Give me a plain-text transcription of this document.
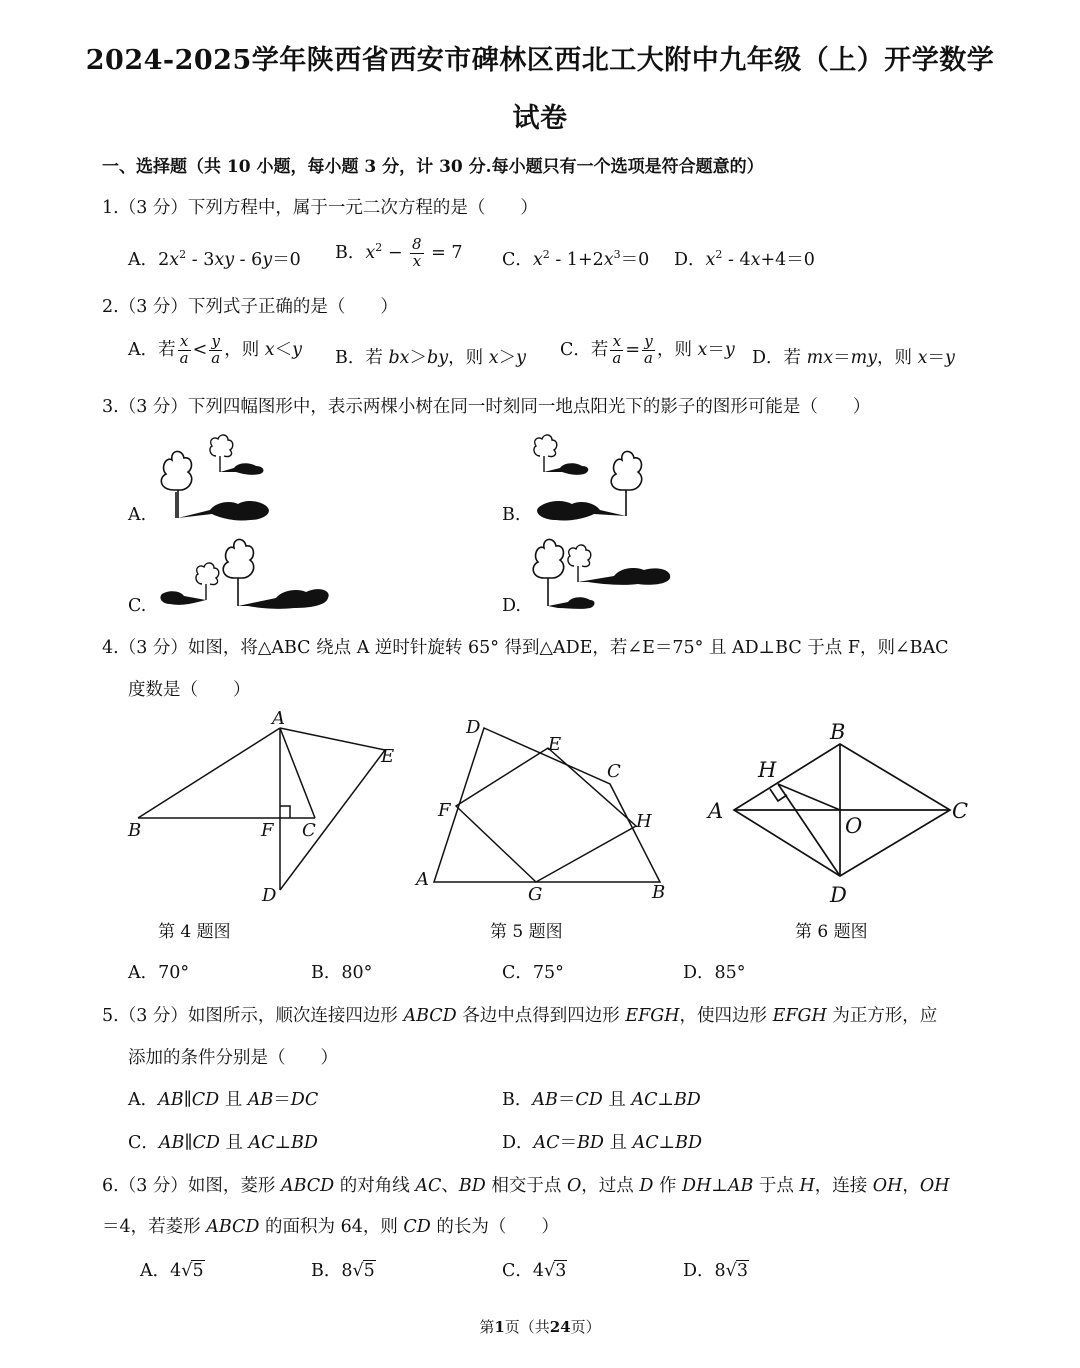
2024-2025学年陕西省西安市碑林区西北工大附中九年级（上）开学数学
试卷
一、选择题（共 10 小题，每小题 3 分，计 30 分.每小题只有一个选项是符合题意的）
1.（3 分）下列方程中，属于一元二次方程的是（　　）
A．$2x^2 - 3xy - 6y=0$ B．$x^2 - \frac{8}{x} = 7$ C．$x^2 - 1+2x^3=0$ D．$x^2 - 4x+4=0$
2.（3 分）下列式子正确的是（　　）
A．若 $\frac{x}{a} < \frac{y}{a}$ ，则 x＜y B．若 bx＞by，则 x＞y C．若 $\frac{x}{a} = \frac{y}{a}$ ，则 x＝y D．若 mx＝my，则 x＝y
3.（3 分）下列四幅图形中，表示两棵小树在同一时刻同一地点阳光下的影子的图形可能是（　　）
A.	B.
C.	D.
4.（3 分）如图，将△ABC 绕点 A 逆时针旋转 65° 得到△ADE，若∠E＝75° 且 AD⊥BC 于点 F，则∠BAC
度数是（　　）
A
E
B	F C
D
D
E
C
F
H
A
G	B
B
H
A
O
C
D
第 4 题图	第 5 题图	第 6 题图
A．70°	B．80°	C．75°	D．85°
5.（3 分）如图所示，顺次连接四边形 ABCD 各边中点得到四边形 EFGH，使四边形 EFGH 为正方形，应
添加的条件分别是（　　）
A．AB∥CD 且 AB＝DC	B．AB＝CD 且 AC⊥BD
C．AB∥CD 且 AC⊥BD	D．AC＝BD 且 AC⊥BD
6.（3 分）如图，菱形 ABCD 的对角线 AC、BD 相交于点 O，过点 D 作 DH⊥AB 于点 H，连接 OH，OH
＝4，若菱形 ABCD 的面积为 64，则 CD 的长为（　　）
A．4√5	B．8√5	C．4√3	D．8√3
第1页（共24页）
